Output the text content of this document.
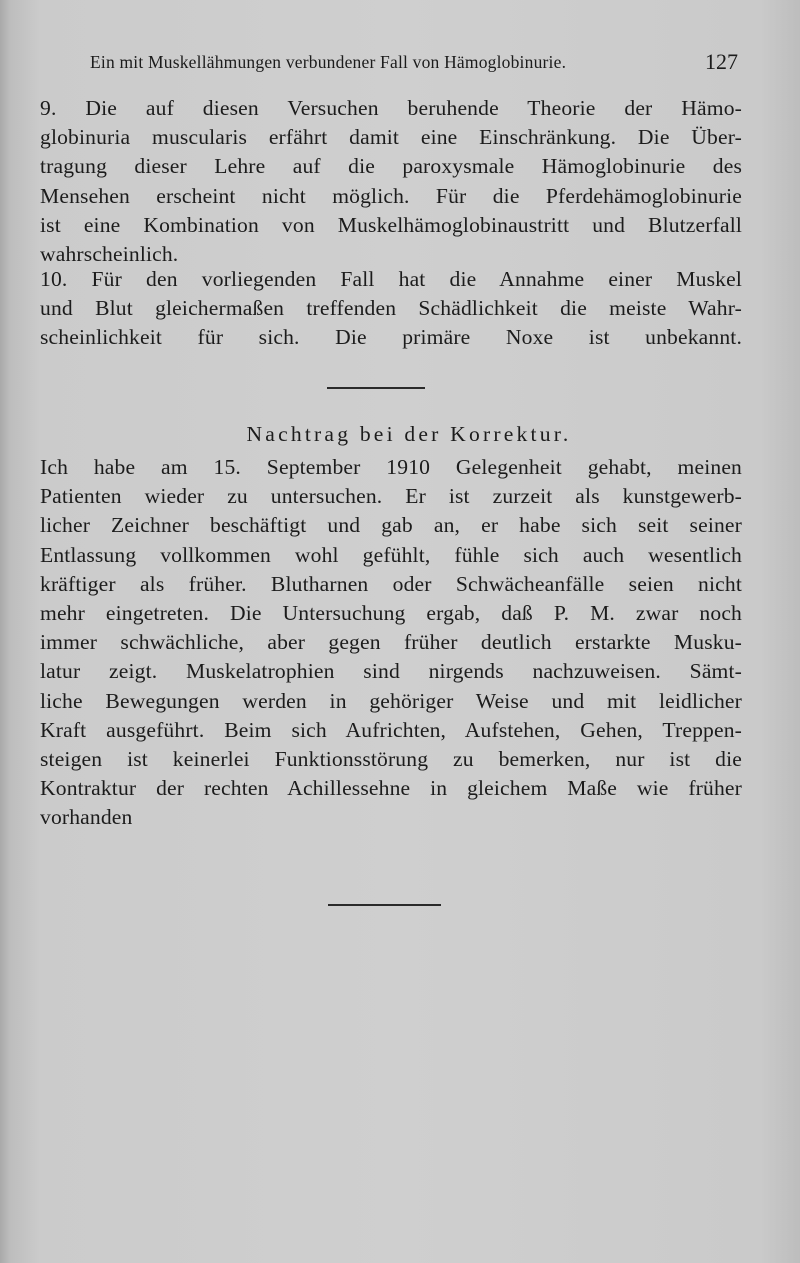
Ein mit Muskellähmungen verbundener Fall von Hämoglobinurie.	127
9. Die auf diesen Versuchen beruhende Theorie der Hämo-
globinuria muscularis erfährt damit eine Einschränkung. Die Über-
tragung dieser Lehre auf die paroxysmale Hämoglobinurie des
Mensehen erscheint nicht möglich. Für die Pferdehämoglobinurie
ist eine Kombination von Muskelhämoglobinaustritt und Blutzerfall
wahrscheinlich.
10. Für den vorliegenden Fall hat die Annahme einer Muskel
und Blut gleichermaßen treffenden Schädlichkeit die meiste Wahr-
scheinlichkeit für sich. Die primäre Noxe ist unbekannt.
Nachtrag bei der Korrektur.
Ich habe am 15. September 1910 Gelegenheit gehabt, meinen
Patienten wieder zu untersuchen. Er ist zurzeit als kunstgewerb-
licher Zeichner beschäftigt und gab an, er habe sich seit seiner
Entlassung vollkommen wohl gefühlt, fühle sich auch wesentlich
kräftiger als früher. Blutharnen oder Schwächeanfälle seien nicht
mehr eingetreten. Die Untersuchung ergab, daß P. M. zwar noch
immer schwächliche, aber gegen früher deutlich erstarkte Musku-
latur zeigt. Muskelatrophien sind nirgends nachzuweisen. Sämt-
liche Bewegungen werden in gehöriger Weise und mit leidlicher
Kraft ausgeführt. Beim sich Aufrichten, Aufstehen, Gehen, Treppen-
steigen ist keinerlei Funktionsstörung zu bemerken, nur ist die
Kontraktur der rechten Achillessehne in gleichem Maße wie früher
vorhanden
